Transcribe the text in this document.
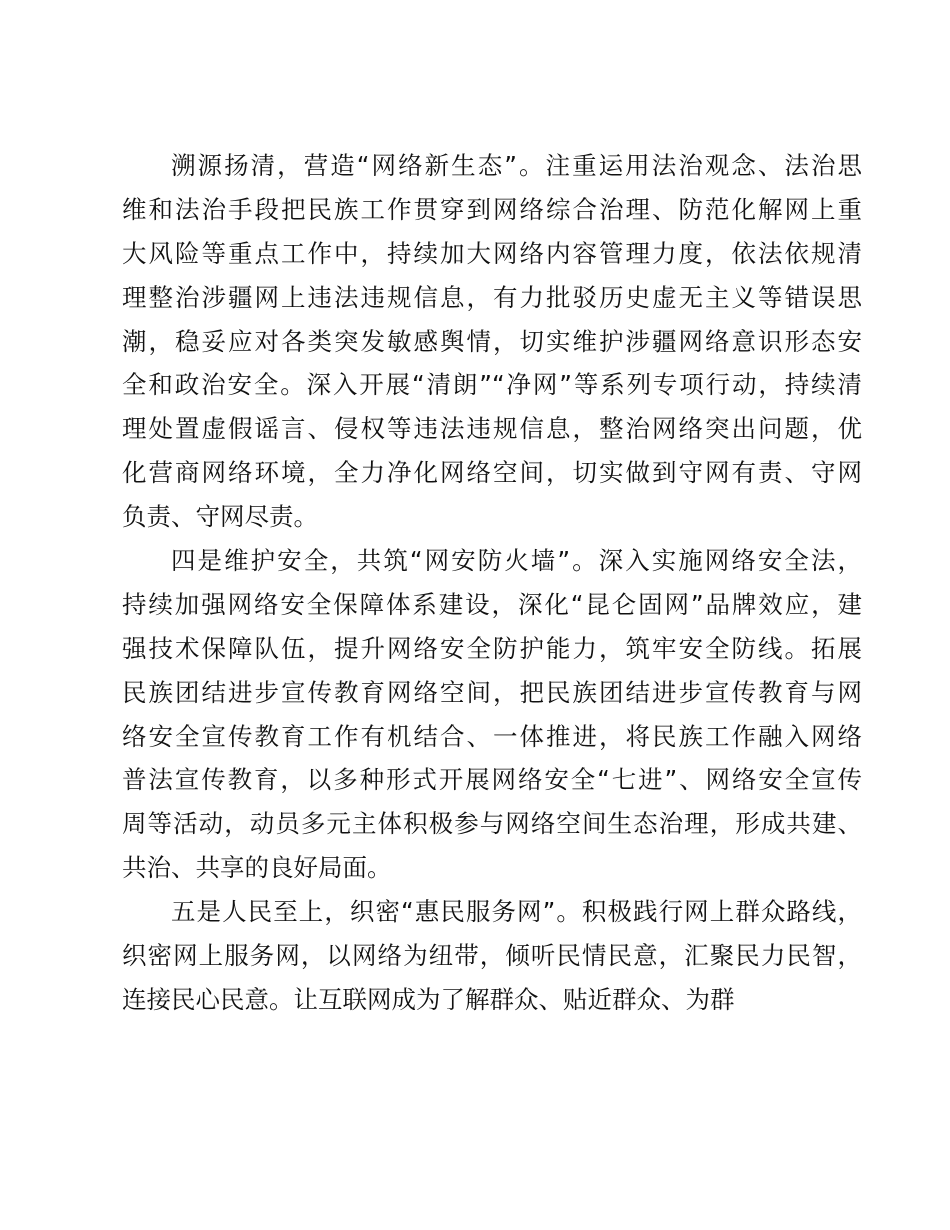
溯源扬清，营造“网络新生态”。注重运用法治观念、法治思
维和法治手段把民族工作贯穿到网络综合治理、防范化解网上重
大风险等重点工作中，持续加大网络内容管理力度，依法依规清
理整治涉疆网上违法违规信息，有力批驳历史虚无主义等错误思
潮，稳妥应对各类突发敏感舆情，切实维护涉疆网络意识形态安
全和政治安全。深入开展“清朗”“净网”等系列专项行动，持续清
理处置虚假谣言、侵权等违法违规信息，整治网络突出问题，优
化营商网络环境，全力净化网络空间，切实做到守网有责、守网
负责、守网尽责。
四是维护安全，共筑“网安防火墙”。深入实施网络安全法，
持续加强网络安全保障体系建设，深化“昆仑固网”品牌效应，建
强技术保障队伍，提升网络安全防护能力，筑牢安全防线。拓展
民族团结进步宣传教育网络空间，把民族团结进步宣传教育与网
络安全宣传教育工作有机结合、一体推进，将民族工作融入网络
普法宣传教育，以多种形式开展网络安全“七进”、网络安全宣传
周等活动，动员多元主体积极参与网络空间生态治理，形成共建、
共治、共享的良好局面。
五是人民至上，织密“惠民服务网”。积极践行网上群众路线，
织密网上服务网，以网络为纽带，倾听民情民意，汇聚民力民智，
连接民心民意。让互联网成为了解群众、贴近群众、为群
